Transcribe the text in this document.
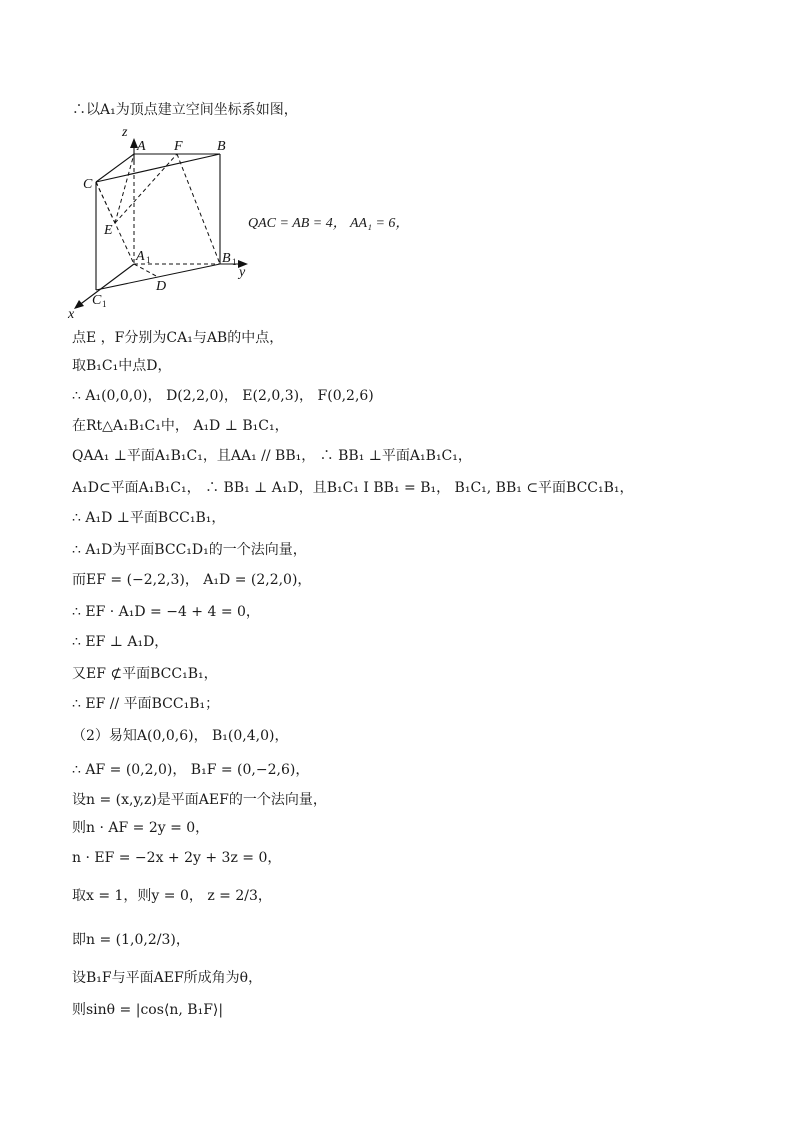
∴以A₁为顶点建立空间坐标系如图，
z
A F B
C
E
A 1	B 1
y
D
C 1
x
QAC = AB = 4， AA₁ = 6，
点E ，F分别为CA₁与AB的中点，
取B₁C₁中点D，
∴ A₁(0,0,0)， D(2,2,0)， E(2,0,3)， F(0,2,6)
在Rt△A₁B₁C₁中， A₁D ⊥ B₁C₁，
QAA₁ ⊥平面A₁B₁C₁，且AA₁ // BB₁， ∴ BB₁ ⊥平面A₁B₁C₁，
A₁D⊂平面A₁B₁C₁， ∴ BB₁ ⊥ A₁D，且B₁C₁ I BB₁ = B₁， B₁C₁, BB₁ ⊂平面BCC₁B₁，
∴ A₁D ⊥平面BCC₁B₁，
∴ A₁D为平面BCC₁D₁的一个法向量，
而EF = (−2,2,3)， A₁D = (2,2,0)，
∴ EF · A₁D = −4 + 4 = 0，
∴ EF ⊥ A₁D，
又EF ⊄平面BCC₁B₁，
∴ EF // 平面BCC₁B₁；
（2）易知A(0,0,6)， B₁(0,4,0)，
∴ AF = (0,2,0)， B₁F = (0,−2,6)，
设n = (x,y,z)是平面AEF的一个法向量，
则n · AF = 2y = 0，
n · EF = −2x + 2y + 3z = 0，
取x = 1，则y = 0， z = 2/3，
即n = (1,0,2/3)，
设B₁F与平面AEF所成角为θ，
则sinθ = |cos⟨n, B₁F⟩|
